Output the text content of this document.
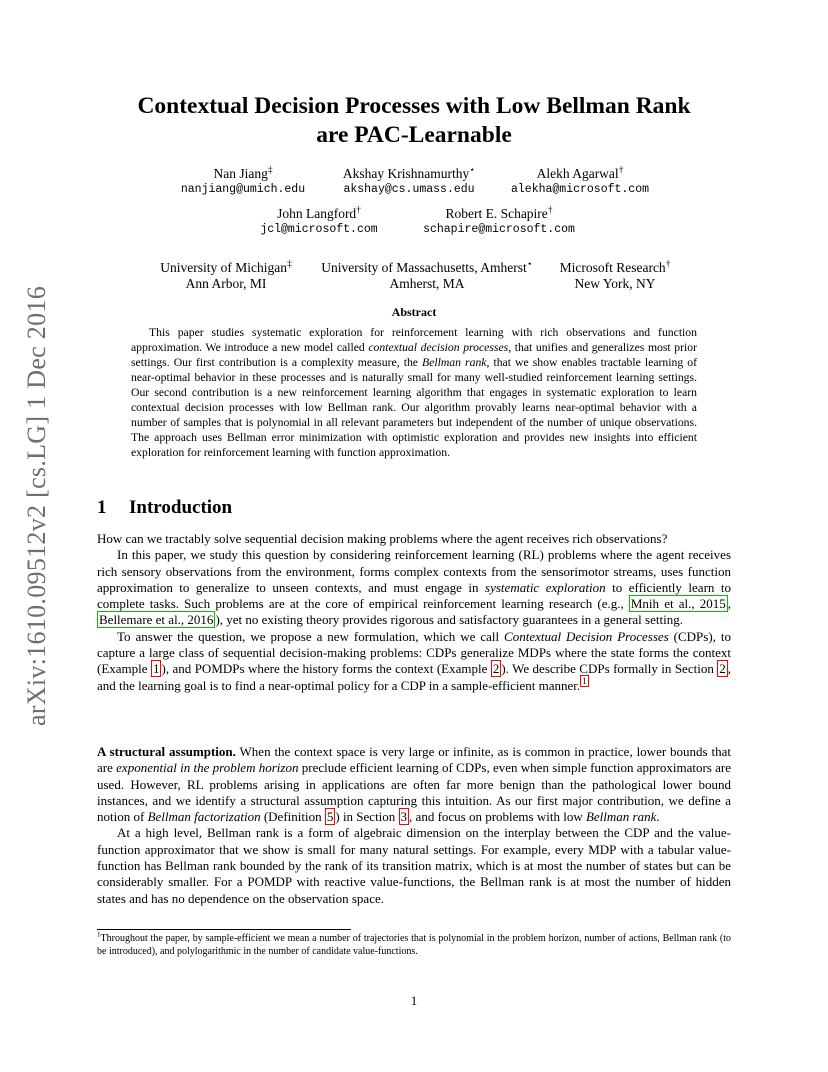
arXiv:1610.09512v2 [cs.LG] 1 Dec 2016
Contextual Decision Processes with Low Bellman Rank
are PAC-Learnable
Nan Jiang‡
nanjiang@umich.edu
Akshay Krishnamurthy⋆
akshay@cs.umass.edu
Alekh Agarwal†
alekha@microsoft.com
John Langford†
jcl@microsoft.com
Robert E. Schapire†
schapire@microsoft.com
University of Michigan‡
Ann Arbor, MI
University of Massachusetts, Amherst⋆
Amherst, MA
Microsoft Research†
New York, NY
Abstract

This paper studies systematic exploration for reinforcement learning with rich observations and function approximation. We introduce a new model called contextual decision processes, that unifies and generalizes most prior settings. Our first contribution is a complexity measure, the Bellman rank, that we show enables tractable learning of near-optimal behavior in these processes and is naturally small for many well-studied reinforcement learning settings. Our second contribution is a new reinforcement learning algorithm that engages in systematic exploration to learn contextual decision processes with low Bellman rank. Our algorithm provably learns near-optimal behavior with a number of samples that is polynomial in all relevant parameters but independent of the number of unique observations. The approach uses Bellman error minimization with optimistic exploration and provides new insights into efficient exploration for reinforcement learning with function approximation.

1 Introduction

How can we tractably solve sequential decision making problems where the agent receives rich observations?

In this paper, we study this question by considering reinforcement learning (RL) problems where the agent receives rich sensory observations from the environment, forms complex contexts from the sensorimotor streams, uses function approximation to generalize to unseen contexts, and must engage in systematic exploration to efficiently learn to complete tasks. Such problems are at the core of empirical reinforcement learning research (e.g., Mnih et al., 2015 , Bellemare et al., 2016 ), yet no existing theory provides rigorous and satisfactory guarantees in a general setting.

To answer the question, we propose a new formulation, which we call Contextual Decision Processes (CDPs), to capture a large class of sequential decision-making problems: CDPs generalize MDPs where the state forms the context (Example 1 ), and POMDPs where the history forms the context (Example 2 ). We describe CDPs formally in Section 2 , and the learning goal is to find a near-optimal policy for a CDP in a sample-efficient manner. $^1$

A structural assumption. When the context space is very large or infinite, as is common in practice, lower bounds that are exponential in the problem horizon preclude efficient learning of CDPs, even when simple function approximators are used. However, RL problems arising in applications are often far more benign than the pathological lower bound instances, and we identify a structural assumption capturing this intuition. As our first major contribution, we define a notion of Bellman factorization (Definition 5 ) in Section 3 , and focus on problems with low Bellman rank.

At a high level, Bellman rank is a form of algebraic dimension on the interplay between the CDP and the value-function approximator that we show is small for many natural settings. For example, every MDP with a tabular value-function has Bellman rank bounded by the rank of its transition matrix, which is at most the number of states but can be considerably smaller. For a POMDP with reactive value-functions, the Bellman rank is at most the number of hidden states and has no dependence on the observation space.

$^1$Throughout the paper, by sample-efficient we mean a number of trajectories that is polynomial in the problem horizon, number of actions, Bellman rank (to be introduced), and polylogarithmic in the number of candidate value-functions.
1
